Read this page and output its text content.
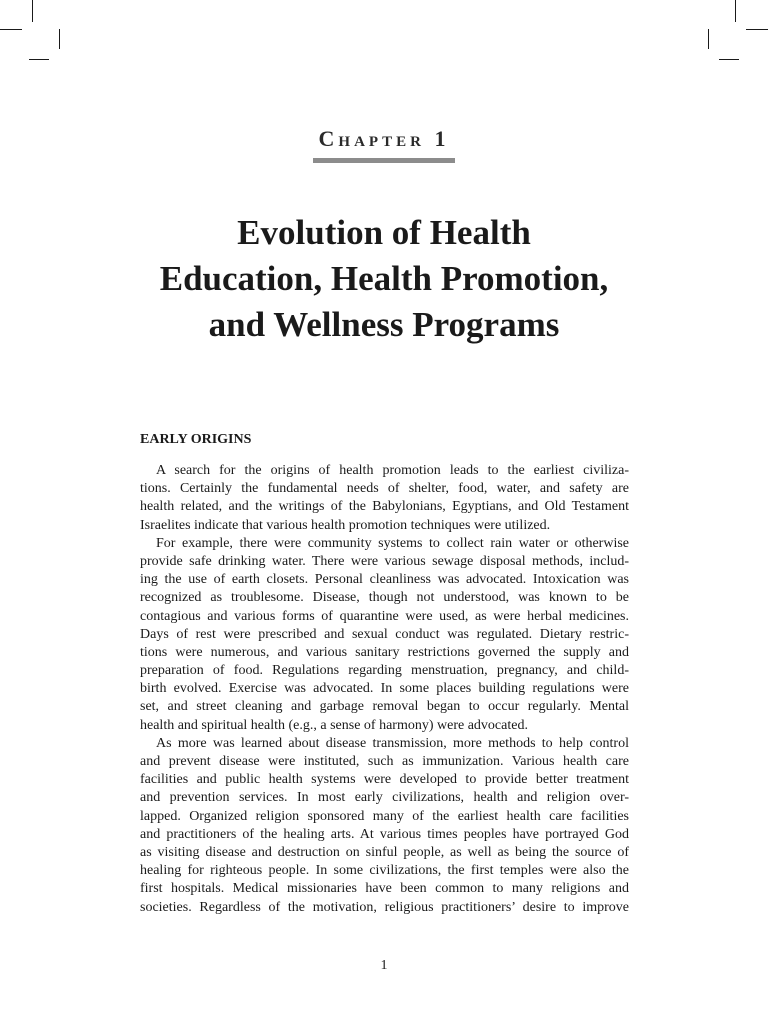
Chapter 1
Evolution of Health
Education, Health Promotion,
and Wellness Programs
EARLY ORIGINS
A search for the origins of health promotion leads to the earliest civiliza-
tions. Certainly the fundamental needs of shelter, food, water, and safety are
health related, and the writings of the Babylonians, Egyptians, and Old Testament
Israelites indicate that various health promotion techniques were utilized.
For example, there were community systems to collect rain water or otherwise
provide safe drinking water. There were various sewage disposal methods, includ-
ing the use of earth closets. Personal cleanliness was advocated. Intoxication was
recognized as troublesome. Disease, though not understood, was known to be
contagious and various forms of quarantine were used, as were herbal medicines.
Days of rest were prescribed and sexual conduct was regulated. Dietary restric-
tions were numerous, and various sanitary restrictions governed the supply and
preparation of food. Regulations regarding menstruation, pregnancy, and child-
birth evolved. Exercise was advocated. In some places building regulations were
set, and street cleaning and garbage removal began to occur regularly. Mental
health and spiritual health (e.g., a sense of harmony) were advocated.
As more was learned about disease transmission, more methods to help control
and prevent disease were instituted, such as immunization. Various health care
facilities and public health systems were developed to provide better treatment
and prevention services. In most early civilizations, health and religion over-
lapped. Organized religion sponsored many of the earliest health care facilities
and practitioners of the healing arts. At various times peoples have portrayed God
as visiting disease and destruction on sinful people, as well as being the source of
healing for righteous people. In some civilizations, the first temples were also the
first hospitals. Medical missionaries have been common to many religions and
societies. Regardless of the motivation, religious practitioners’ desire to improve
1
